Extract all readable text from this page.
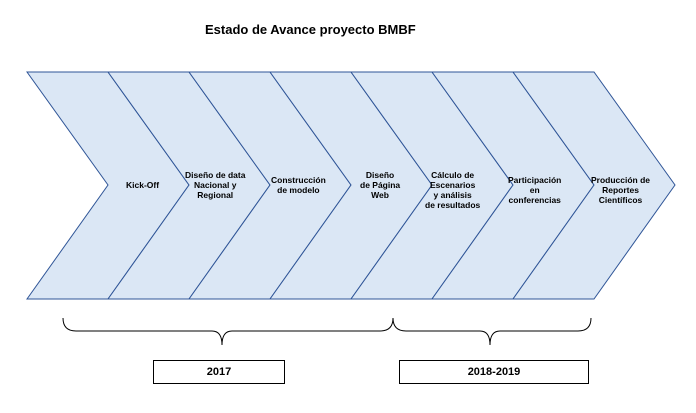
Estado de Avance proyecto BMBF
Kick-Off
Diseño de data
Nacional y
Regional
Construcción
de modelo
Diseño
de Página
Web
Cálculo de
Escenarios
y análisis
de resultados
Participación
en
conferencias
Producción de
Reportes
Científicos
2017	2018-2019
